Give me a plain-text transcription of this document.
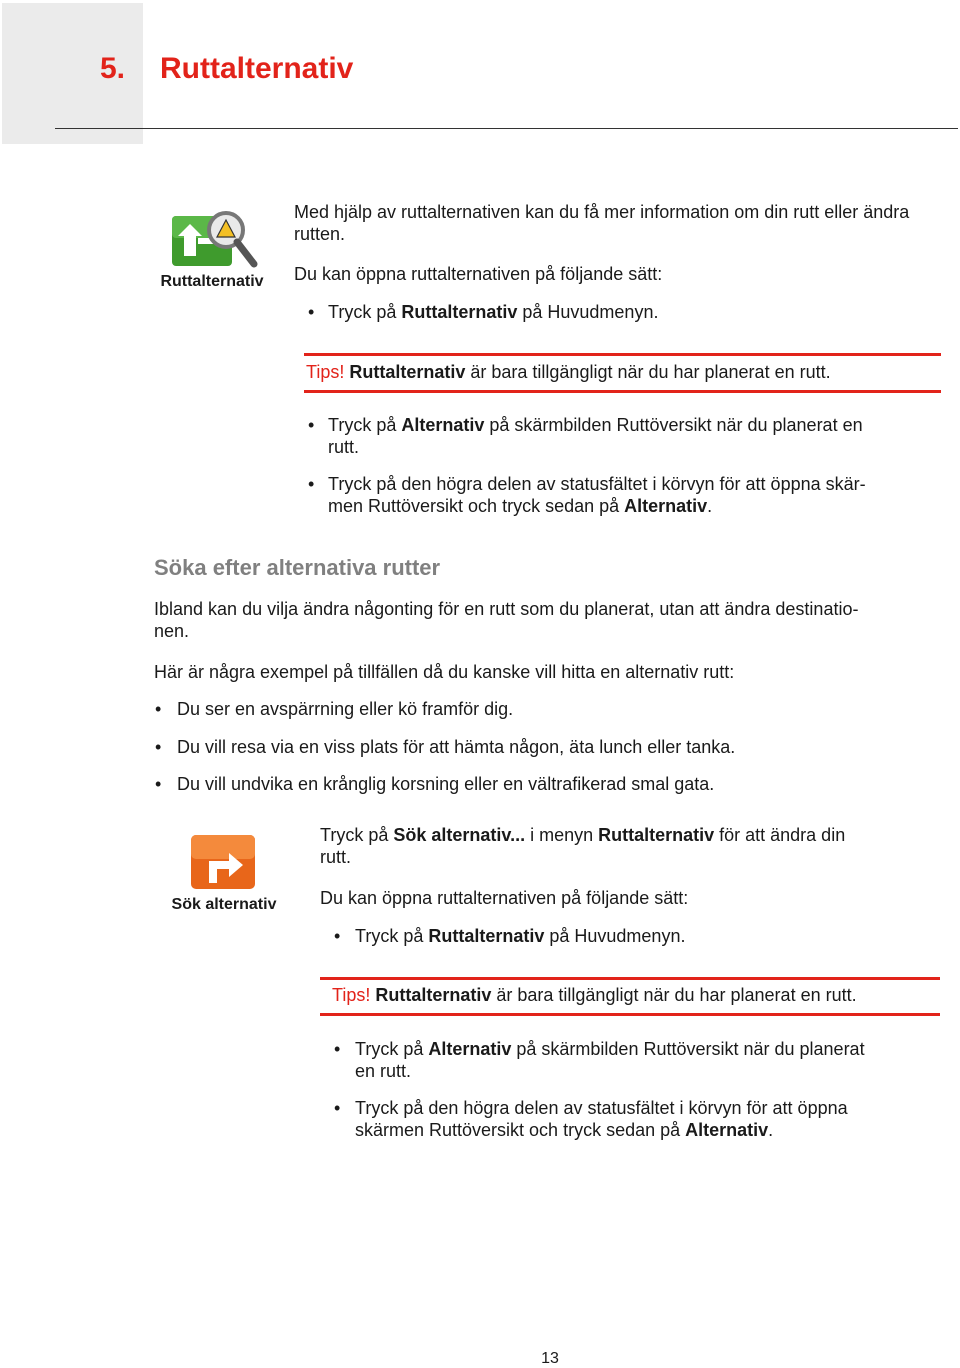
5. Ruttalternativ
Ruttalternativ
Med hjälp av ruttalternativen kan du få mer information om din rutt eller ändra rutten.
Du kan öppna ruttalternativen på följande sätt:
• Tryck på Ruttalternativ på Huvudmenyn.
Tips! Ruttalternativ är bara tillgängligt när du har planerat en rutt.
• Tryck på Alternativ på skärmbilden Ruttöversikt när du planerat en
rutt.
• Tryck på den högra delen av statusfältet i körvyn för att öppna skär-
men Ruttöversikt och tryck sedan på Alternativ.
Söka efter alternativa rutter
Ibland kan du vilja ändra någonting för en rutt som du planerat, utan att ändra destinatio-
nen.
Här är några exempel på tillfällen då du kanske vill hitta en alternativ rutt:
• Du ser en avspärrning eller kö framför dig.
• Du vill resa via en viss plats för att hämta någon, äta lunch eller tanka.
• Du vill undvika en krånglig korsning eller en vältrafikerad smal gata.
Sök alternativ
Tryck på Sök alternativ... i menyn Ruttalternativ för att ändra din
rutt.
Du kan öppna ruttalternativen på följande sätt:
• Tryck på Ruttalternativ på Huvudmenyn.
Tips! Ruttalternativ är bara tillgängligt när du har planerat en rutt.
• Tryck på Alternativ på skärmbilden Ruttöversikt när du planerat
en rutt.
• Tryck på den högra delen av statusfältet i körvyn för att öppna
skärmen Ruttöversikt och tryck sedan på Alternativ.
13
